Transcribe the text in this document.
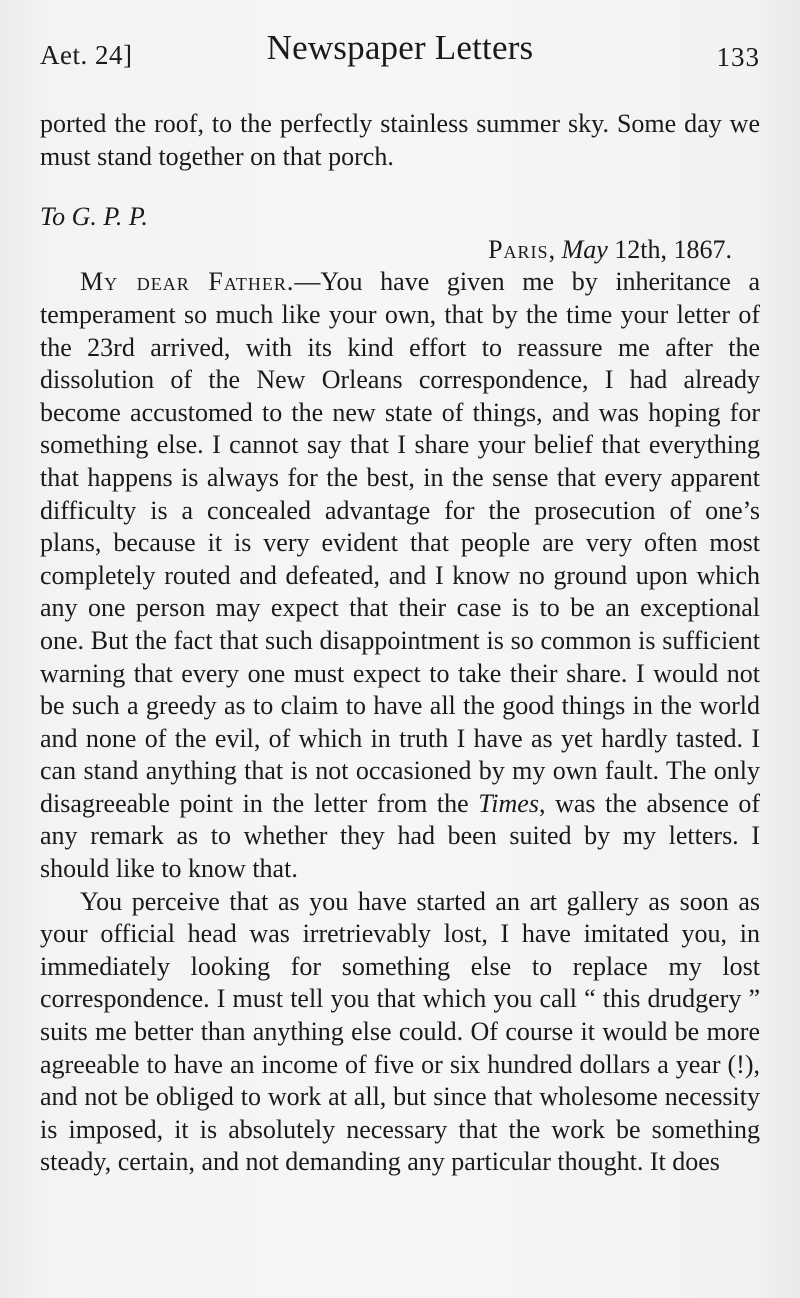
Aet. 24]	Newspaper Letters	133

ported the roof, to the perfectly stainless summer sky. Some day we must stand together on that porch.

To G. P. P.

Paris, May 12th, 1867.

My dear Father.—You have given me by inheritance a temperament so much like your own, that by the time your letter of the 23rd arrived, with its kind effort to reassure me after the dissolution of the New Orleans correspondence, I had already become accustomed to the new state of things, and was hoping for something else. I cannot say that I share your belief that everything that happens is always for the best, in the sense that every apparent difficulty is a concealed advantage for the prosecution of one’s plans, because it is very evident that people are very often most completely routed and defeated, and I know no ground upon which any one person may expect that their case is to be an exceptional one. But the fact that such disappointment is so common is sufficient warning that every one must expect to take their share. I would not be such a greedy as to claim to have all the good things in the world and none of the evil, of which in truth I have as yet hardly tasted. I can stand anything that is not occasioned by my own fault. The only disagreeable point in the letter from the Times, was the absence of any remark as to whether they had been suited by my letters. I should like to know that.

You perceive that as you have started an art gallery as soon as your official head was irretrievably lost, I have imitated you, in immediately looking for something else to replace my lost correspondence. I must tell you that which you call “ this drudgery ” suits me better than anything else could. Of course it would be more agreeable to have an income of five or six hundred dollars a year (!), and not be obliged to work at all, but since that wholesome necessity is imposed, it is absolutely necessary that the work be something steady, certain, and not demanding any particular thought. It does
